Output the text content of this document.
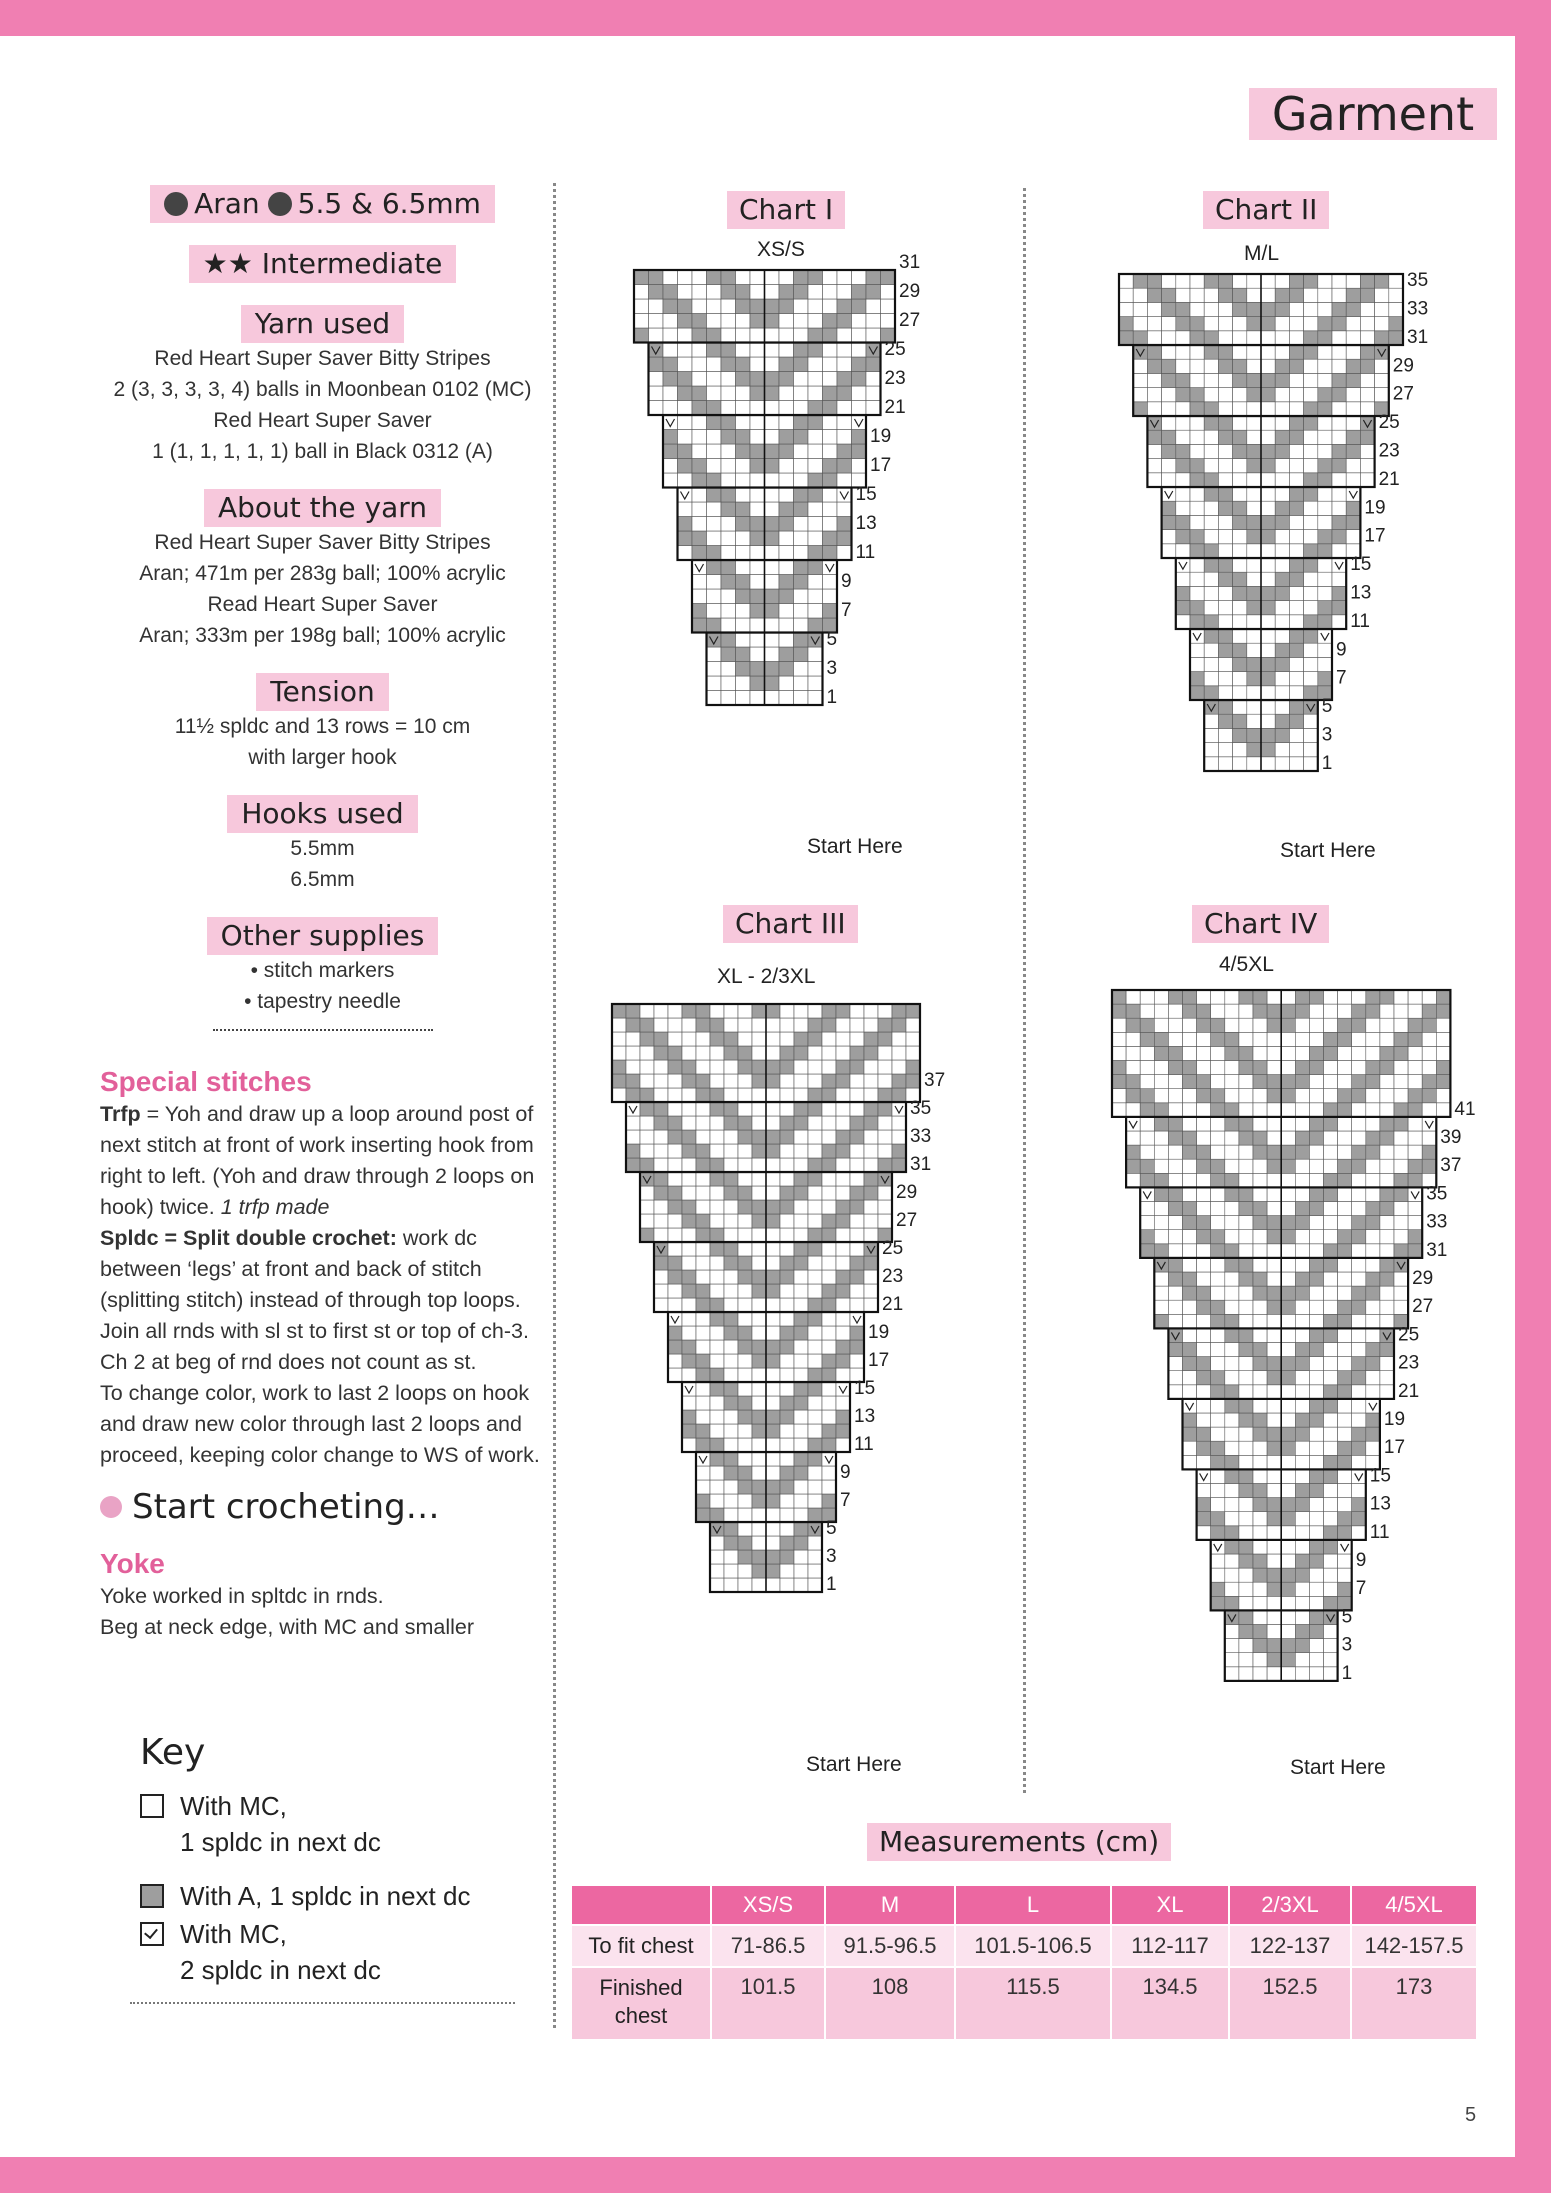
Garment
Aran 5.5 & 6.5mm
★★ Intermediate
Yarn used
Red Heart Super Saver Bitty Stripes
2 (3, 3, 3, 3, 4) balls in Moonbean 0102 (MC)
Red Heart Super Saver
1 (1, 1, 1, 1, 1) ball in Black 0312 (A)
About the yarn
Red Heart Super Saver Bitty Stripes
Aran; 471m per 283g ball; 100% acrylic
Read Heart Super Saver
Aran; 333m per 198g ball; 100% acrylic
Tension
11½ spldc and 13 rows = 10 cm
with larger hook
Hooks used
5.5mm
6.5mm
Other supplies
• stitch markers
• tapestry needle
Special stitches
Trfp = Yoh and draw up a loop around post of next stitch at front of work inserting hook from right to left. (Yoh and draw through 2 loops on hook) twice. 1 trfp made
Spldc = Split double crochet: work dc between ‘legs’ at front and back of stitch (splitting stitch) instead of through top loops.
Join all rnds with sl st to first st or top of ch-3. Ch 2 at beg of rnd does not count as st.
To change color, work to last 2 loops on hook and draw new color through last 2 loops and proceed, keeping color change to WS of work.
Start crocheting…
Yoke
Yoke worked in spltdc in rnds.
Beg at neck edge, with MC and smaller
Key
With MC,
1 spldc in next dc
With A, 1 spldc in next dc
With MC,
2 spldc in next dc
Chart I
XS/S
1
3
5
7
9
11
13
15
17
19
21
23
25
27
29
31
Start Here
Chart II
M/L
1
3
5
7
9
11
13
15
17
19
21
23
25
27
29
31
33
35
Start Here
Chart III
XL - 2/3XL
1
3
5
7
9
11
13
15
17
19
21
23
25
27
29
31
33
35
37
Start Here
Chart IV
4/5XL
1
3
5
7
9
11
13
15
17
19
21
23
25
27
29
31
33
35
37
39
41
Start Here
Measurements (cm)
	XS/S	M	L	XL	2/3XL	4/5XL
To fit chest	71-86.5	91.5-96.5	101.5-106.5	112-117	122-137	142-157.5
Finished chest	101.5	108	115.5	134.5	152.5	173
5
